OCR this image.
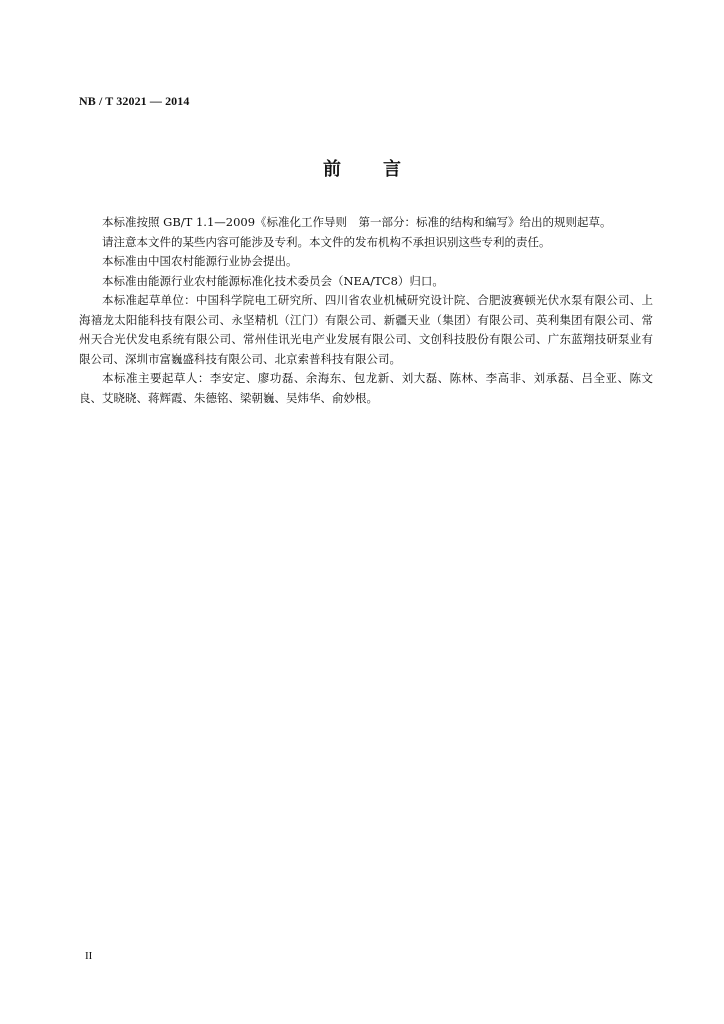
NB / T 32021 — 2014
前言

本标准按照 GB/T 1.1—2009《标准化工作导则　第一部分：标准的结构和编写》给出的规则起草。

请注意本文件的某些内容可能涉及专利。本文件的发布机构不承担识别这些专利的责任。

本标准由中国农村能源行业协会提出。

本标准由能源行业农村能源标准化技术委员会（NEA/TC8）归口。

本标准起草单位：中国科学院电工研究所、四川省农业机械研究设计院、合肥波赛顿光伏水泵有限公司、上海禧龙太阳能科技有限公司、永坚精机（江门）有限公司、新疆天业（集团）有限公司、英利集团有限公司、常州天合光伏发电系统有限公司、常州佳讯光电产业发展有限公司、文创科技股份有限公司、广东蓝翔技研泵业有限公司、深圳市富巍盛科技有限公司、北京索普科技有限公司。

本标准主要起草人：李安定、廖功磊、余海东、包龙新、刘大磊、陈林、李高非、刘承磊、吕全亚、陈文良、艾晓晓、蒋辉霞、朱德铭、梁朝巍、吴炜华、俞妙根。

II
